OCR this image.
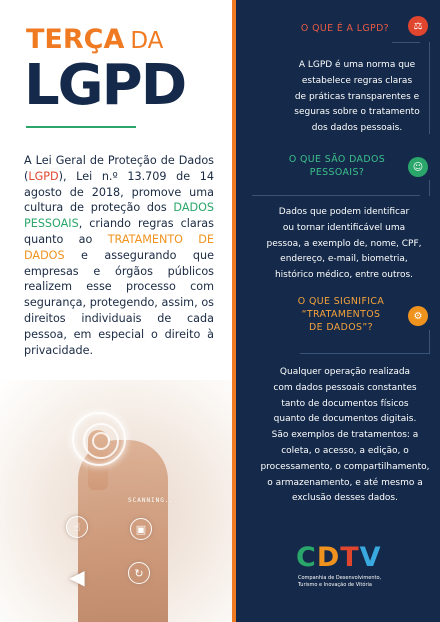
SCANNING...
▣
☝
↻
◀
TERÇA DA
LGPD
A Lei Geral de Proteção de Dados (LGPD), Lei n.º 13.709 de 14 agosto de 2018, promove uma cultura de proteção dos DADOS PESSOAIS, criando regras claras quanto ao TRATAMENTO DE DADOS e assegurando que empresas e órgãos públicos realizem esse processo com segurança, protegendo, assim, os direitos individuais de cada pessoa, em especial o direito à privacidade.
O QUE É A LGPD?	⚖
A LGPD é uma norma que
estabelece regras claras
de práticas transparentes e
seguras sobre o tratamento
dos dados pessoais.
O QUE SÃO DADOS
PESSOAIS?	☺
Dados que podem identificar
ou tornar identificável uma
pessoa, a exemplo de, nome, CPF,
endereço, e-mail, biometria,
histórico médico, entre outros.
O QUE SIGNIFICA
“TRATAMENTOS
DE DADOS”?
⚙
Qualquer operação realizada
com dados pessoais constantes
tanto de documentos físicos
quanto de documentos digitais.
São exemplos de tratamentos: a
coleta, o acesso, a edição, o
processamento, o compartilhamento,
o armazenamento, e até mesmo a
exclusão desses dados.
C D T V
Companhia de Desenvolvimento,
Turismo e Inovação de Vitória
